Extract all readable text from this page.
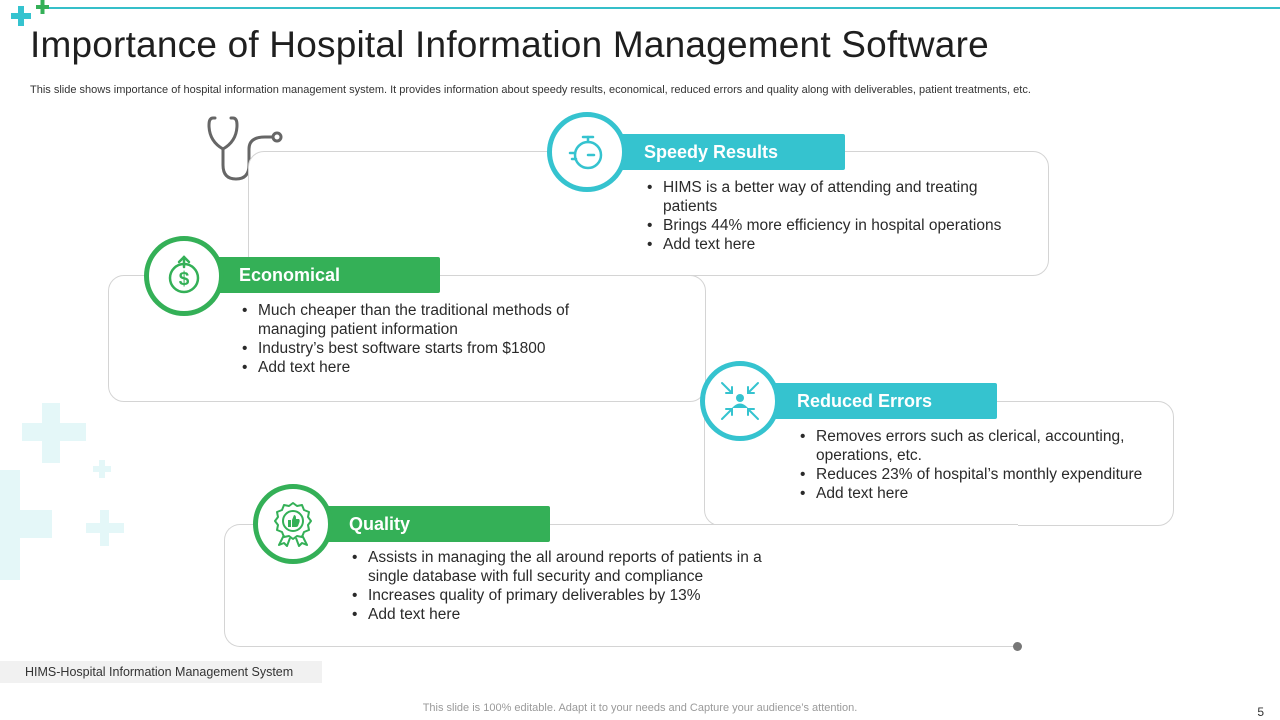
Importance of Hospital Information Management Software
This slide shows importance of hospital information management system. It provides information about speedy results, economical, reduced errors and quality along with deliverables, patient treatments, etc.
Speedy Results
• HIMS is a better way of attending and treating patients
• Brings 44% more efficiency in hospital operations
• Add text here
Economical
$
• Much cheaper than the traditional methods of managing patient information
• Industry’s best software starts from $1800
• Add text here
Reduced Errors
• Removes errors such as clerical, accounting, operations, etc.
• Reduces 23% of hospital’s monthly expenditure
• Add text here
Quality
• Assists in managing the all around reports of patients in a single database with full security and compliance
• Increases quality of primary deliverables by 13%
• Add text here
HIMS-Hospital Information Management System
This slide is 100% editable. Adapt it to your needs and Capture your audience’s attention.	5
